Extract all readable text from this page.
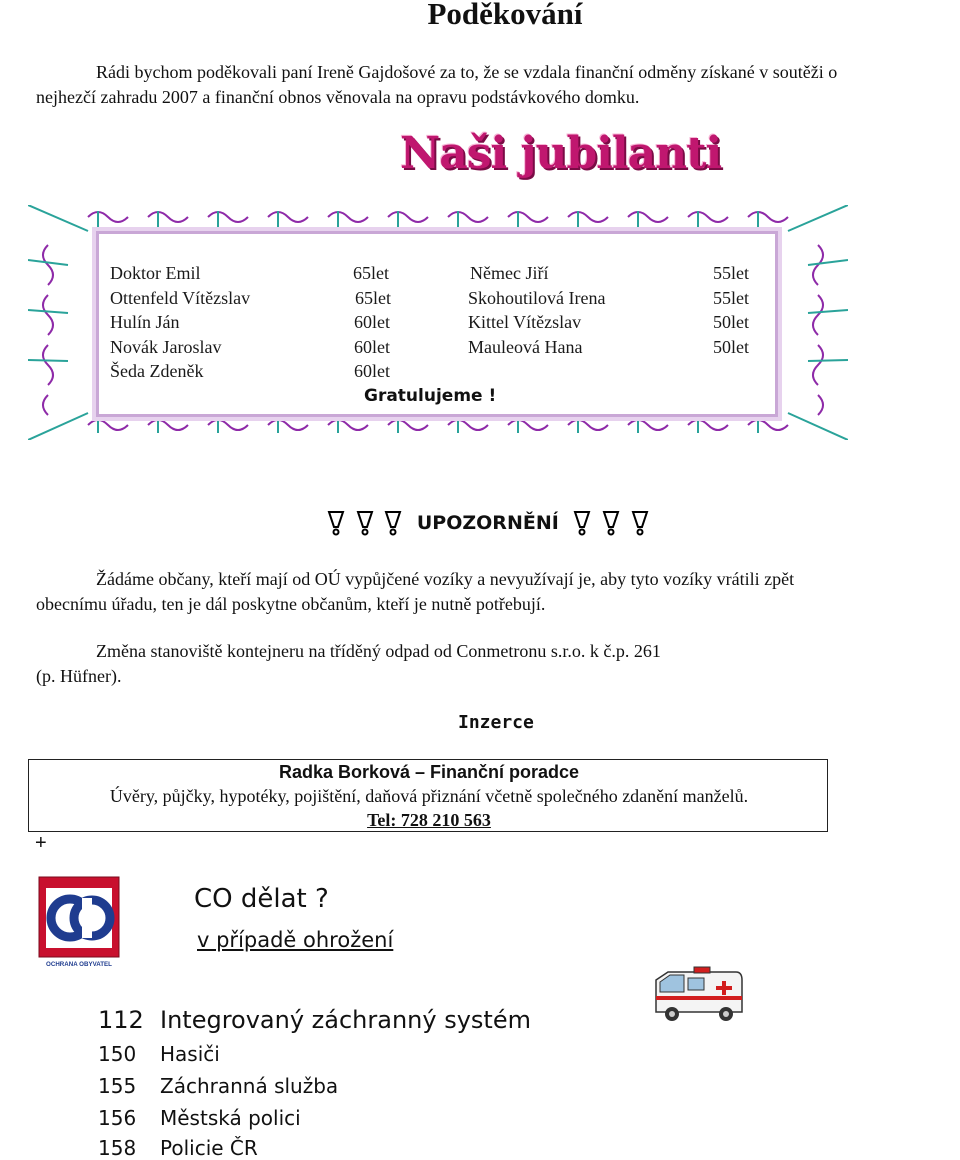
Poděkování
Rádi bychom poděkovali paní Ireně Gajdošové za to, že se vzdala finanční odměny získané v soutěži o
nejhezčí zahradu 2007 a finanční obnos věnovala na opravu podstávkového domku.
Naši jubilanti
Doktor Emil	65let
Ottenfeld Vítězslav	65let
Hulín Ján	60let
Novák Jaroslav	60let
Šeda Zdeněk	60let
Němec Jiří	55let
Skohoutilová Irena	55let
Kittel Vítězslav	50let
Mauleová Hana	50let
Gratulujeme !
UPOZORNĚNÍ
Žádáme občany, kteří mají od OÚ vypůjčené vozíky a nevyužívají je, aby tyto vozíky vrátili zpět
obecnímu úřadu, ten je dál poskytne občanům, kteří je nutně potřebují.
Změna stanoviště kontejneru na tříděný odpad od Conmetronu s.r.o. k č.p. 261
(p. Hüfner).
Inzerce
Radka Borková – Finanční poradce
Úvěry, půjčky, hypotéky, pojištění, daňová přiznání včetně společného zdanění manželů.
Tel: 728 210 563
+
OCHRANA OBYVATEL
CO dělat ?
v případě ohrožení
112 Integrovaný záchranný systém
150 Hasiči
155 Záchranná služba
156 Městská polici
158 Policie ČR
